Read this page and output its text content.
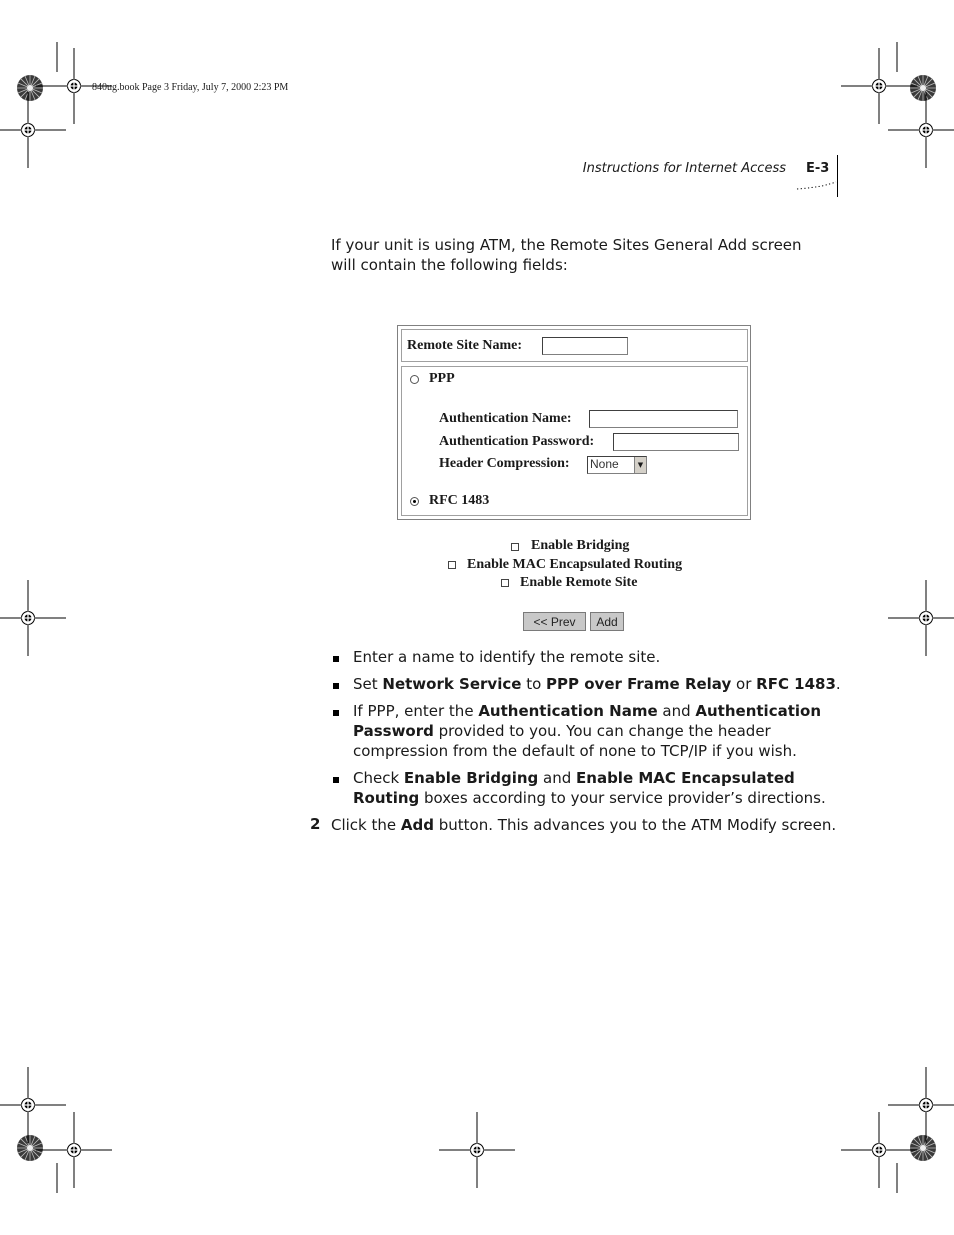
840ug.book Page 3 Friday, July 7, 2000 2:23 PM
Instructions for Internet Access E-3

If your unit is using ATM, the Remote Sites General Add screen will contain the following fields:

Remote Site Name:
PPP
Authentication Name:
Authentication Password:
Header Compression: None	▼
RFC 1483
Enable Bridging
Enable MAC Encapsulated Routing
Enable Remote Site
<< Prev	Add

Enter a name to identify the remote site.

Set Network Service to PPP over Frame Relay or RFC 1483.

If PPP, enter the Authentication Name and Authentication Password provided to you. You can change the header compression from the default of none to TCP/IP if you wish.

Check Enable Bridging and Enable MAC Encapsulated Routing boxes according to your service provider’s directions.

2 Click the Add button. This advances you to the ATM Modify screen.
